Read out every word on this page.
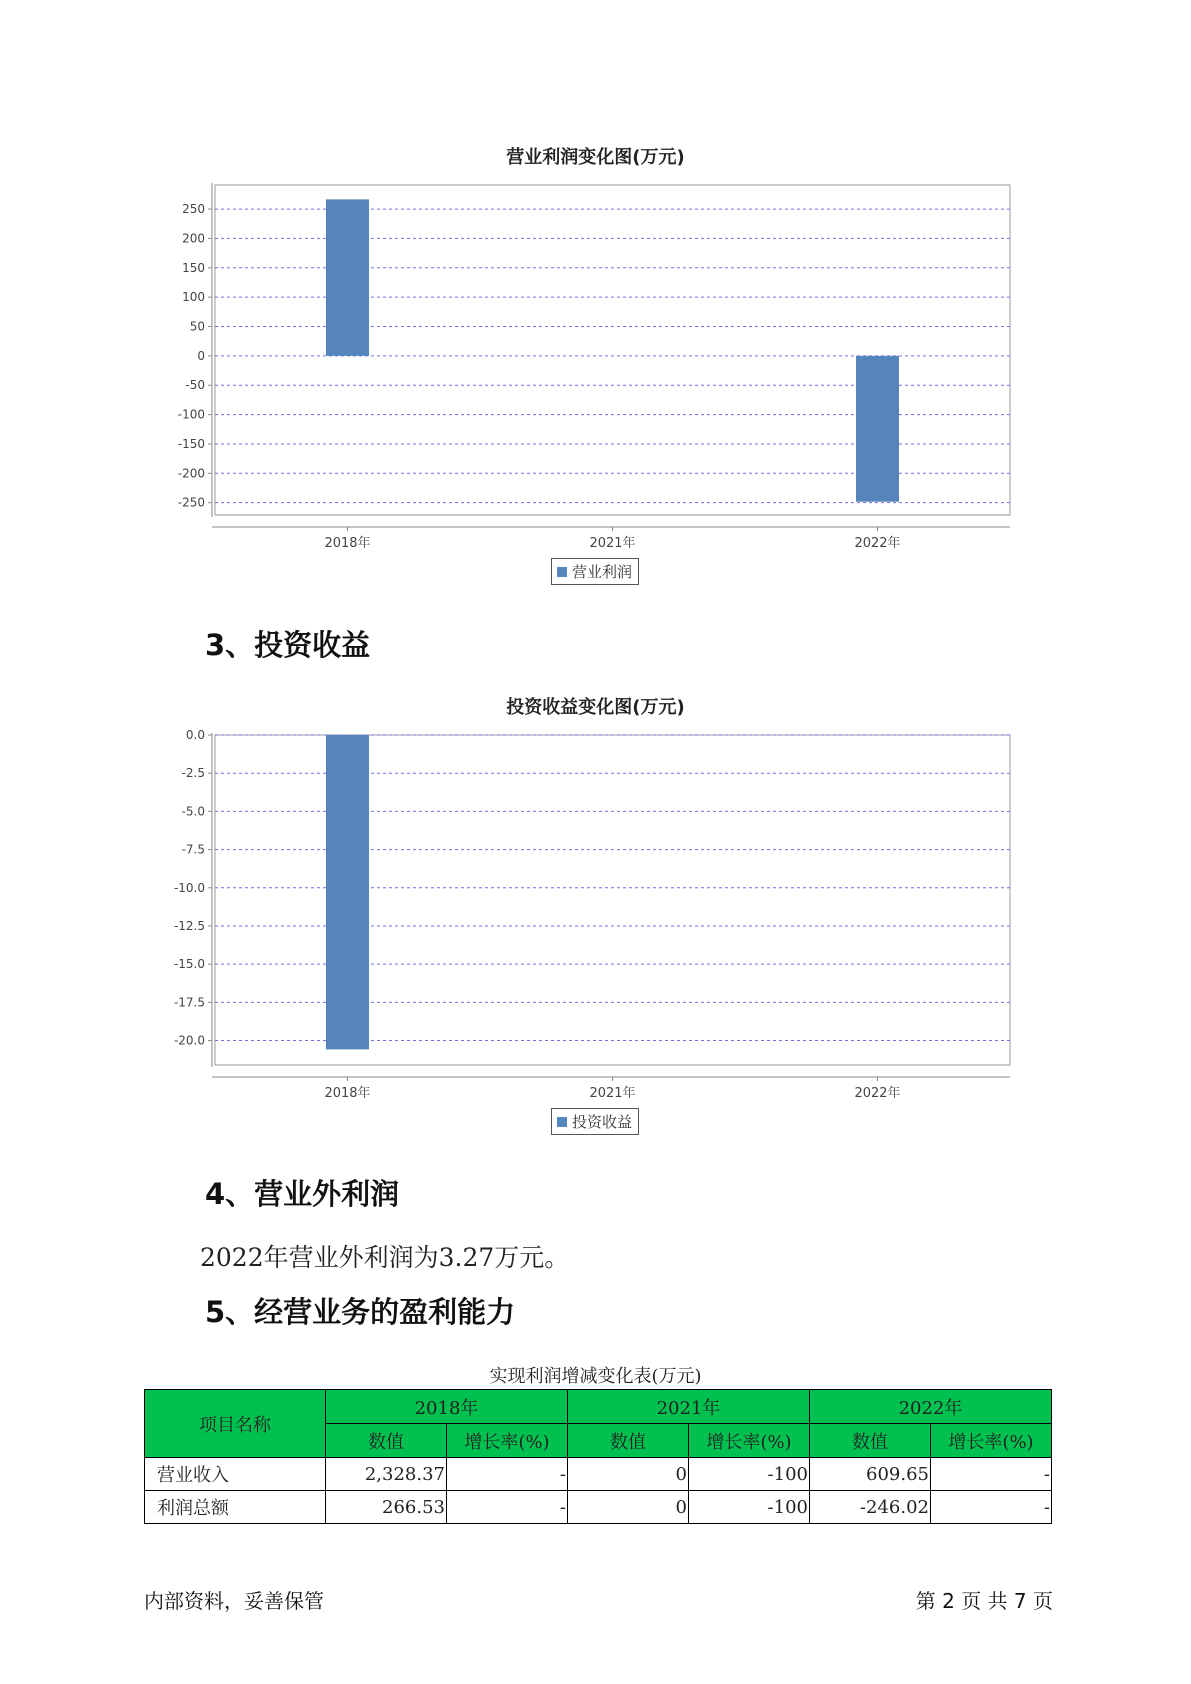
营业利润变化图(万元)
250
200
150
100
50
0
-50
-100
-150
-200
-250
2018年	2021年	2022年
营业利润
3、投资收益
投资收益变化图(万元)
0.0
-2.5
-5.0
-7.5
-10.0
-12.5
-15.0
-17.5
-20.0
2018年	2021年	2022年
投资收益
4、营业外利润

2022年营业外利润为3.27万元。

5、经营业务的盈利能力
实现利润增减变化表(万元)
项目名称	2018年		2021年		2022年	
	数值	增长率(%)	数值	增长率(%)	数值	增长率(%)
营业收入	2,328.37	-	0	-100	609.65	-
利润总额	266.53	-	0	-100	-246.02	-
内部资料，妥善保管	第 2 页 共 7 页
